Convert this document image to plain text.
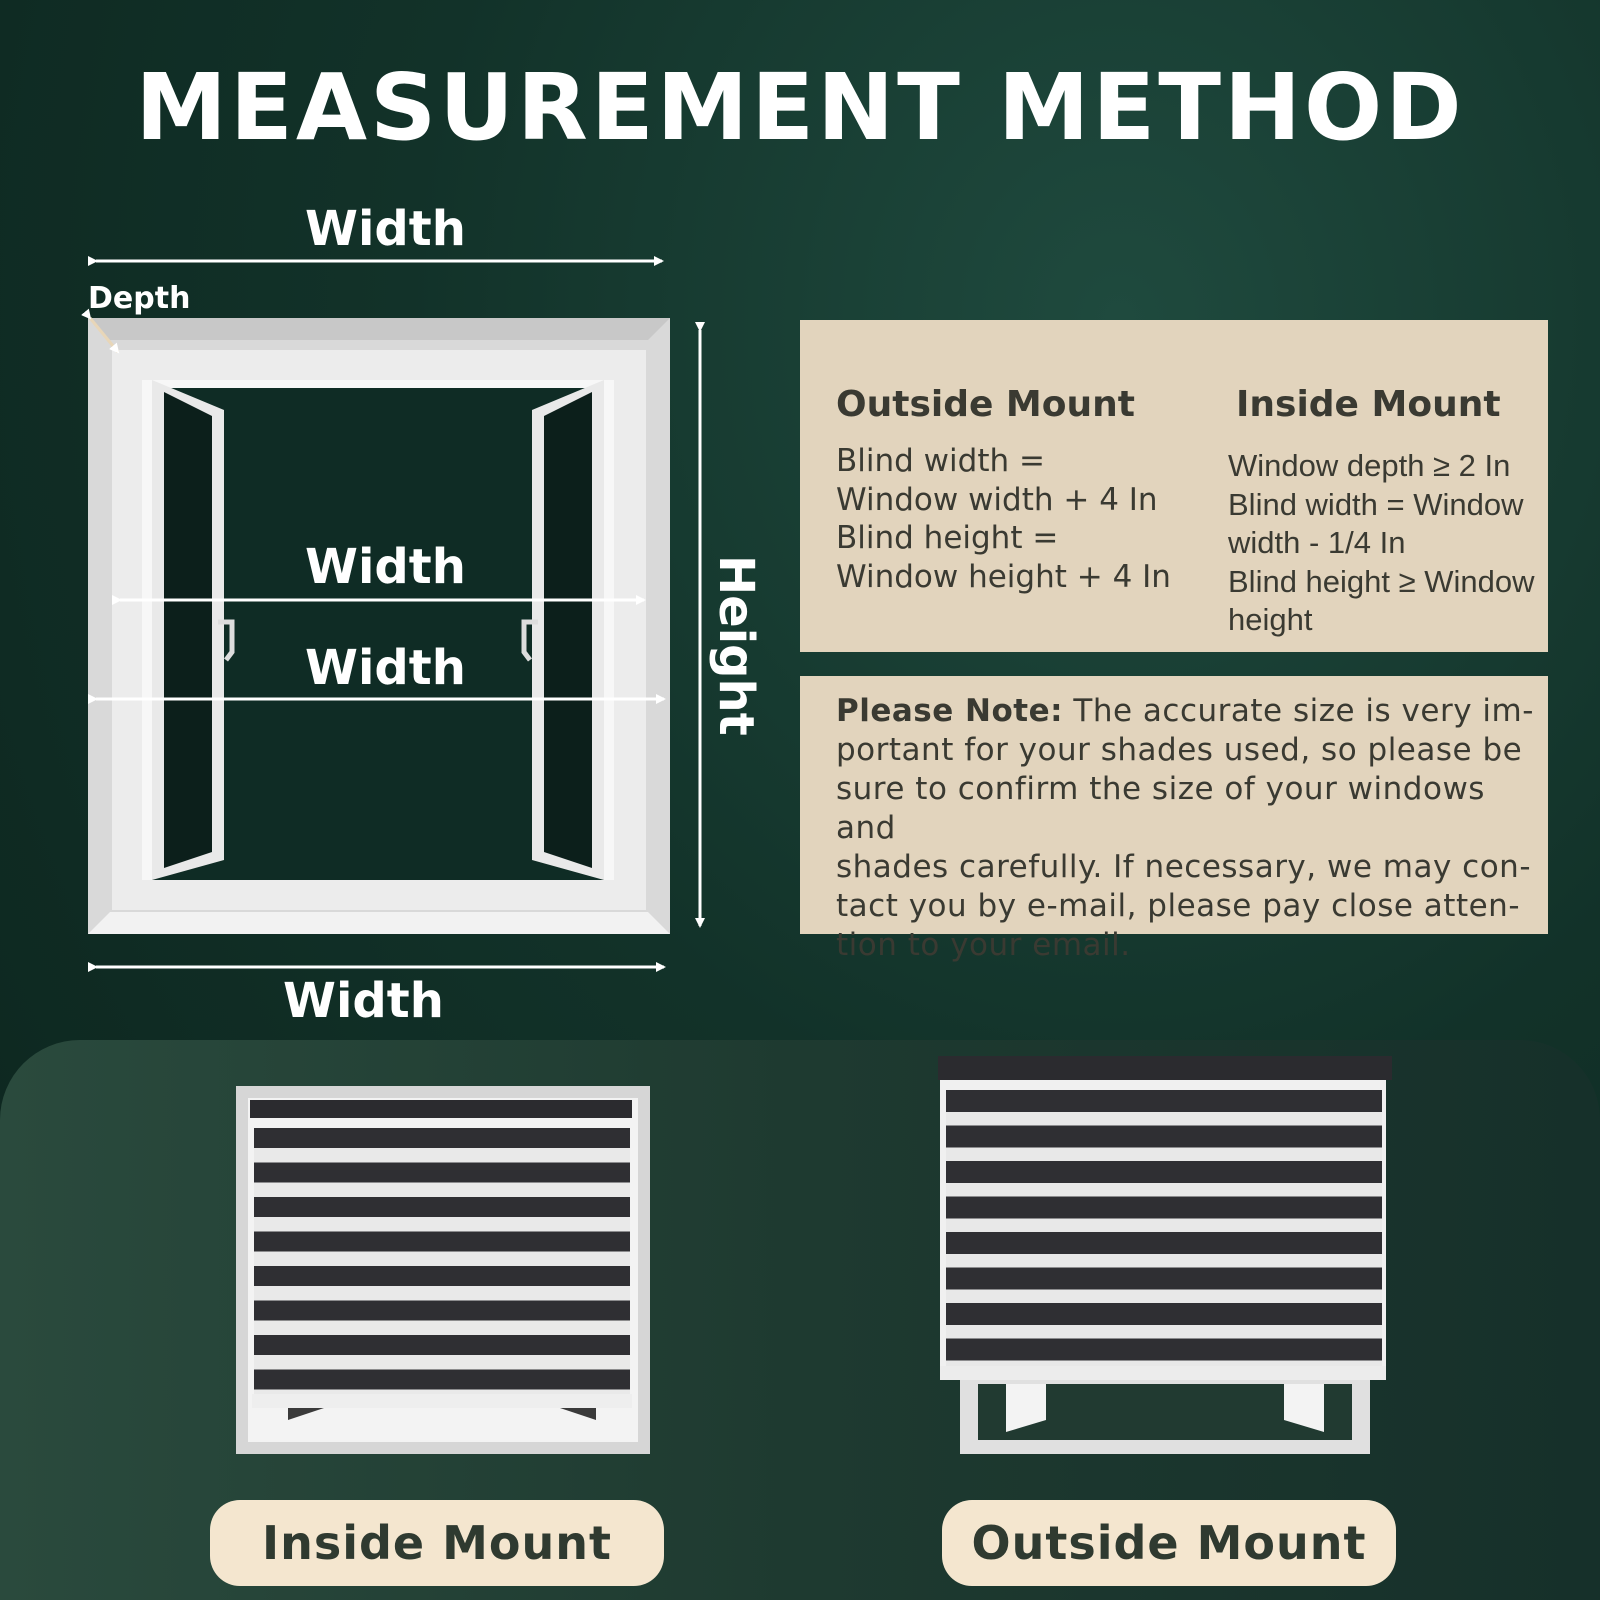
MEASUREMENT METHOD
Width
Depth
Width
Width
Width
Height
Outside Mount
Blind width =
Window width + 4 In
Blind height =
Window height + 4 In
Inside Mount
Window depth ≥ 2 In
Blind width = Window
width - 1/4 In
Blind height ≥ Window
height
Please Note: The accurate size is very im-
portant for your shades used, so please be
sure to confirm the size of your windows and
shades carefully. If necessary, we may con-
tact you by e-mail, please pay close atten-
tion to your email.
Inside Mount	Outside Mount
